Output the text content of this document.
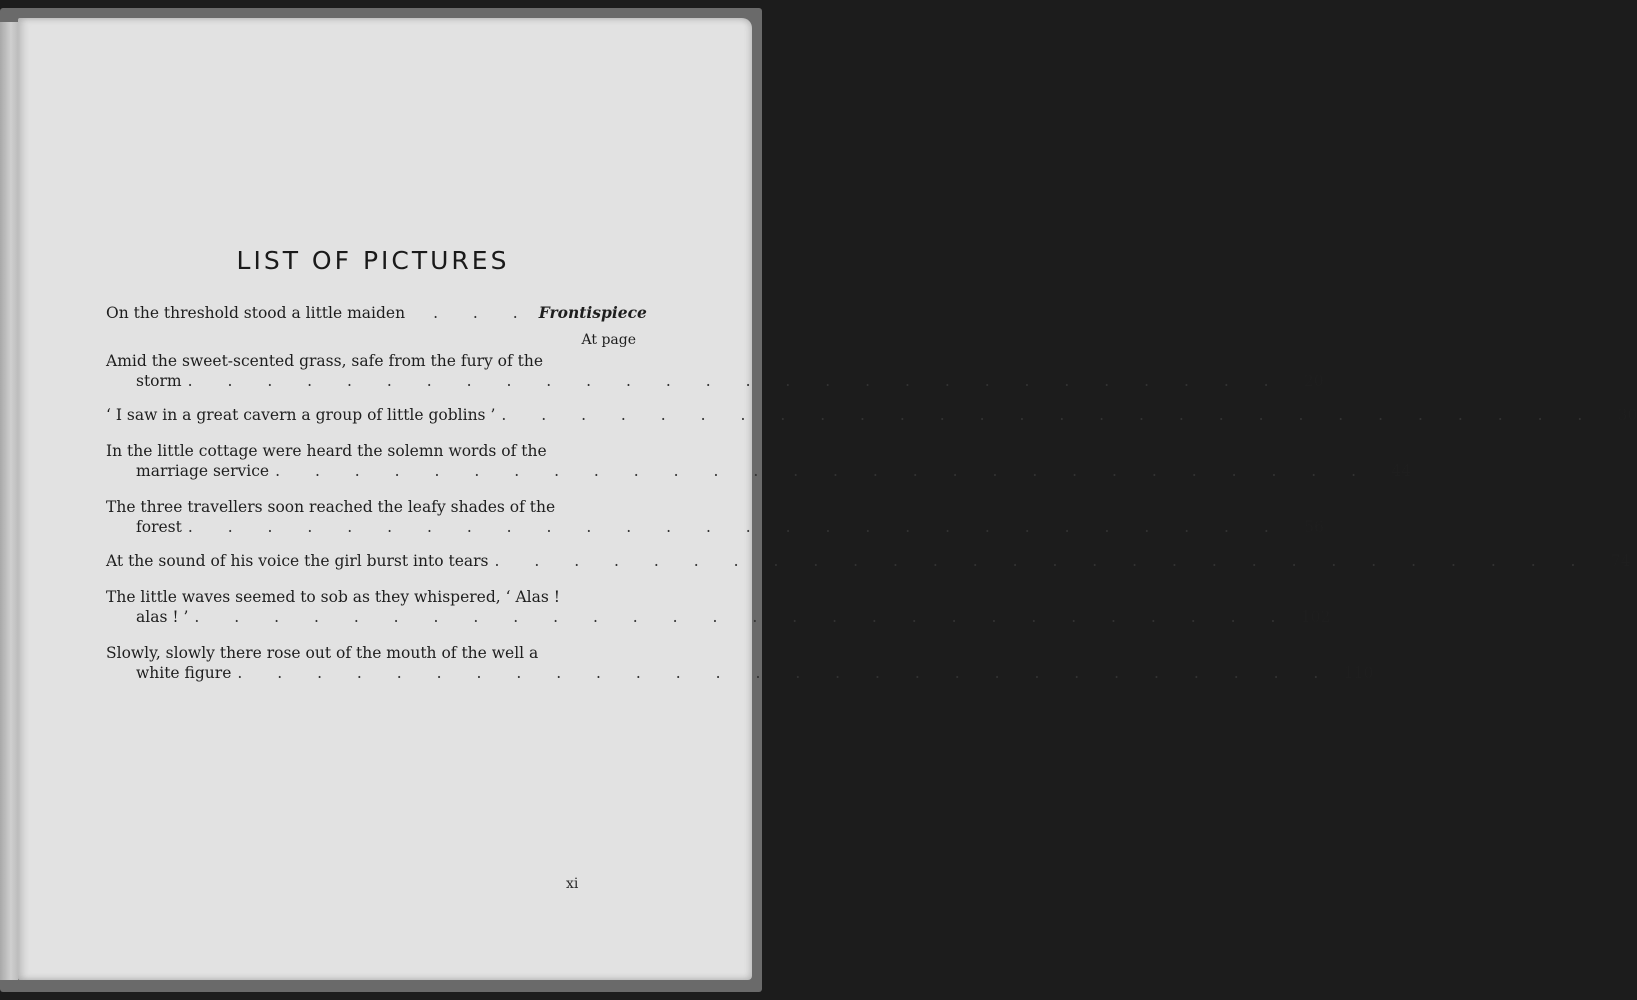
LIST OF PICTURES
On the threshold stood a little maiden	. . . Frontispiece
At page
Amid the sweet-scented grass, safe from the fury of the
storm . . . . . . . . . . . . . . . . . . . . . . . . . . . .	20
‘ I saw in a great cavern a group of little goblins ’ . . . . . . . . . . . . . . . . . . . . . . . . . . . .	30
In the little cottage were heard the solemn words of the
marriage service . . . . . . . . . . . . . . . . . . . . . . . . . . . .	44
The three travellers soon reached the leafy shades of the
forest . . . . . . . . . . . . . . . . . . . . . . . . . . . .	56
At the sound of his voice the girl burst into tears . . . . . . . . . . . . . . . . . . . . . . . . . . . .	74
The little waves seemed to sob as they whispered, ‘ Alas !
alas ! ’ . . . . . . . . . . . . . . . . . . . . . . . . . . . . 102
Slowly, slowly there rose out of the mouth of the well a
white figure . . . . . . . . . . . . . . . . . . . . . . . . . . . . 110
xi
